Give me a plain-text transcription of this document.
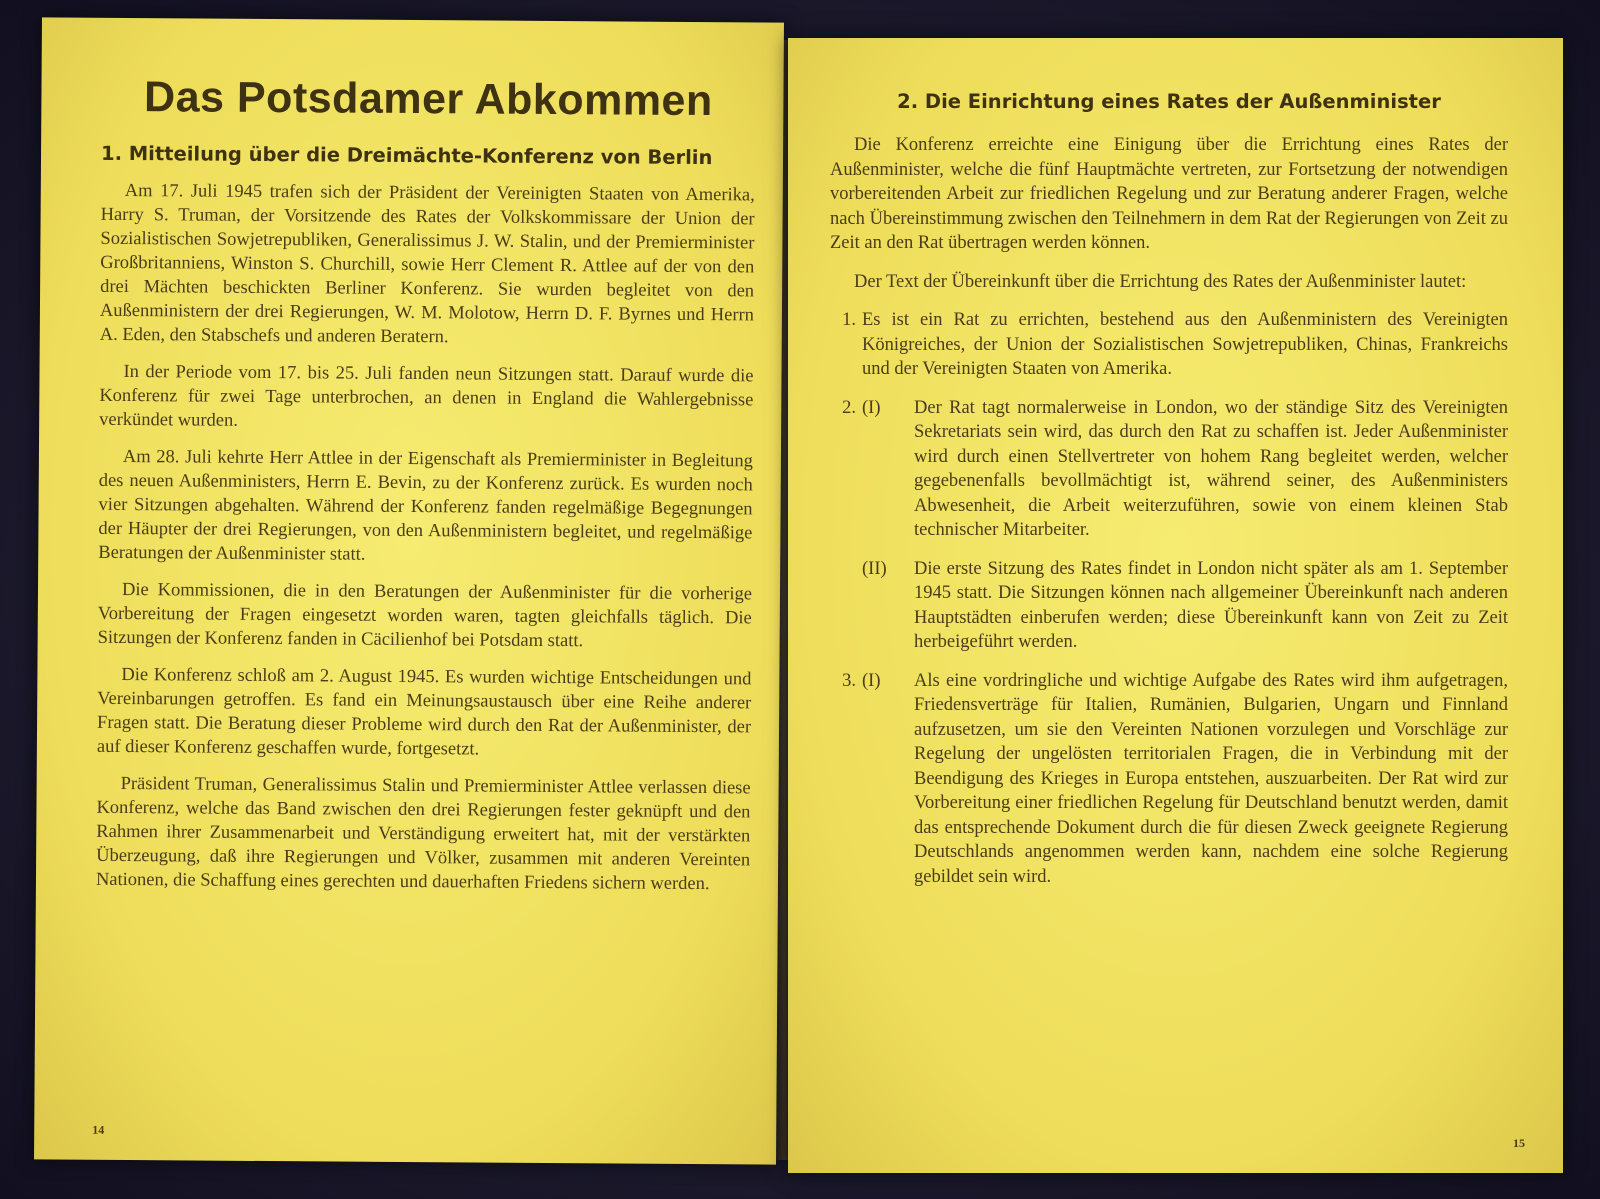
Das Potsdamer Abkommen
1. Mitteilung über die Dreimächte-Konferenz von Berlin

Am 17. Juli 1945 trafen sich der Präsident der Vereinigten Staaten von Amerika, Harry S. Truman, der Vorsitzende des Rates der Volkskommissare der Union der Sozialistischen Sowjetrepubliken, Generalissimus J. W. Stalin, und der Premierminister Großbritanniens, Winston S. Churchill, sowie Herr Clement R. Attlee auf der von den drei Mächten beschickten Berliner Konferenz. Sie wurden begleitet von den Außenministern der drei Regierungen, W. M. Molotow, Herrn D. F. Byrnes und Herrn A. Eden, den Stabschefs und anderen Beratern.

In der Periode vom 17. bis 25. Juli fanden neun Sitzungen statt. Darauf wurde die Konferenz für zwei Tage unterbrochen, an denen in England die Wahlergebnisse verkündet wurden.

Am 28. Juli kehrte Herr Attlee in der Eigenschaft als Premierminister in Begleitung des neuen Außenministers, Herrn E. Bevin, zu der Konferenz zurück. Es wurden noch vier Sitzungen abgehalten. Während der Konferenz fanden regelmäßige Begegnungen der Häupter der drei Regierungen, von den Außenministern begleitet, und regelmäßige Beratungen der Außenminister statt.

Die Kommissionen, die in den Beratungen der Außenminister für die vorherige Vorbereitung der Fragen eingesetzt worden waren, tagten gleichfalls täglich. Die Sitzungen der Konferenz fanden in Cäcilienhof bei Potsdam statt.

Die Konferenz schloß am 2. August 1945. Es wurden wichtige Entscheidungen und Vereinbarungen getroffen. Es fand ein Meinungsaustausch über eine Reihe anderer Fragen statt. Die Beratung dieser Probleme wird durch den Rat der Außenminister, der auf dieser Konferenz geschaffen wurde, fortgesetzt.

Präsident Truman, Generalissimus Stalin und Premierminister Attlee verlassen diese Konferenz, welche das Band zwischen den drei Regierungen fester geknüpft und den Rahmen ihrer Zusammenarbeit und Verständigung erweitert hat, mit der verstärkten Überzeugung, daß ihre Regierungen und Völker, zusammen mit anderen Vereinten Nationen, die Schaffung eines gerechten und dauerhaften Friedens sichern werden.

14
2. Die Einrichtung eines Rates der Außenminister

Die Konferenz erreichte eine Einigung über die Errichtung eines Rates der Außenminister, welche die fünf Hauptmächte vertreten, zur Fortsetzung der notwendigen vorbereitenden Arbeit zur friedlichen Regelung und zur Beratung anderer Fragen, welche nach Übereinstimmung zwischen den Teilnehmern in dem Rat der Regierungen von Zeit zu Zeit an den Rat übertragen werden können.

Der Text der Übereinkunft über die Errichtung des Rates der Außenminister lautet:

1. Es ist ein Rat zu errichten, bestehend aus den Außenministern des Vereinigten Königreiches, der Union der Sozialistischen Sowjetrepubliken, Chinas, Frankreichs und der Vereinigten Staaten von Amerika.
2. (I)	Der Rat tagt normalerweise in London, wo der ständige Sitz des Vereinigten Sekretariats sein wird, das durch den Rat zu schaffen ist. Jeder Außenminister wird durch einen Stellvertreter von hohem Rang begleitet werden, welcher gegebenenfalls bevollmächtigt ist, während seiner, des Außenministers Abwesenheit, die Arbeit weiterzuführen, sowie von einem kleinen Stab technischer Mitarbeiter.
(II)	Die erste Sitzung des Rates findet in London nicht später als am 1. September 1945 statt. Die Sitzungen können nach allgemeiner Übereinkunft nach anderen Hauptstädten einberufen werden; diese Übereinkunft kann von Zeit zu Zeit herbeigeführt werden.
3. (I)	Als eine vordringliche und wichtige Aufgabe des Rates wird ihm aufgetragen, Friedensverträge für Italien, Rumänien, Bulgarien, Ungarn und Finnland aufzusetzen, um sie den Vereinten Nationen vorzulegen und Vorschläge zur Regelung der ungelösten territorialen Fragen, die in Verbindung mit der Beendigung des Krieges in Europa entstehen, auszuarbeiten. Der Rat wird zur Vorbereitung einer friedlichen Regelung für Deutschland benutzt werden, damit das entsprechende Dokument durch die für diesen Zweck geeignete Regierung Deutschlands angenommen werden kann, nachdem eine solche Regierung gebildet sein wird.
15
